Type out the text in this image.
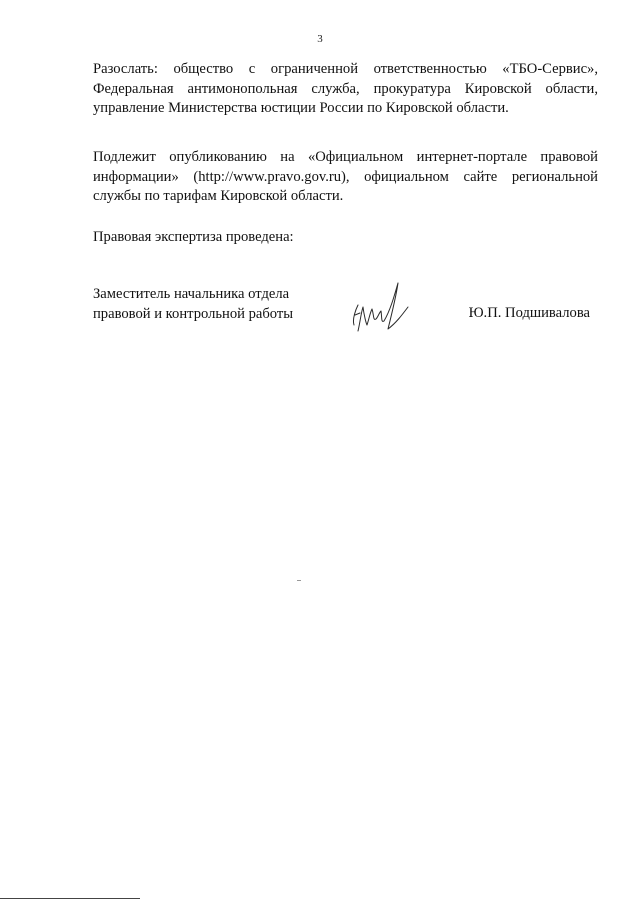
3

Разослать: общество с ограниченной ответственностью «ТБО-Сервис», Федеральная антимонопольная служба, прокуратура Кировской области, управление Министерства юстиции России по Кировской области.

Подлежит опубликованию на «Официальном интернет-портале правовой информации» (http://www.pravo.gov.ru), официальном сайте региональной службы по тарифам Кировской области.

Правовая экспертиза проведена:

Заместитель начальника отдела
правовой и контрольной работы	Ю.П. Подшивалова
